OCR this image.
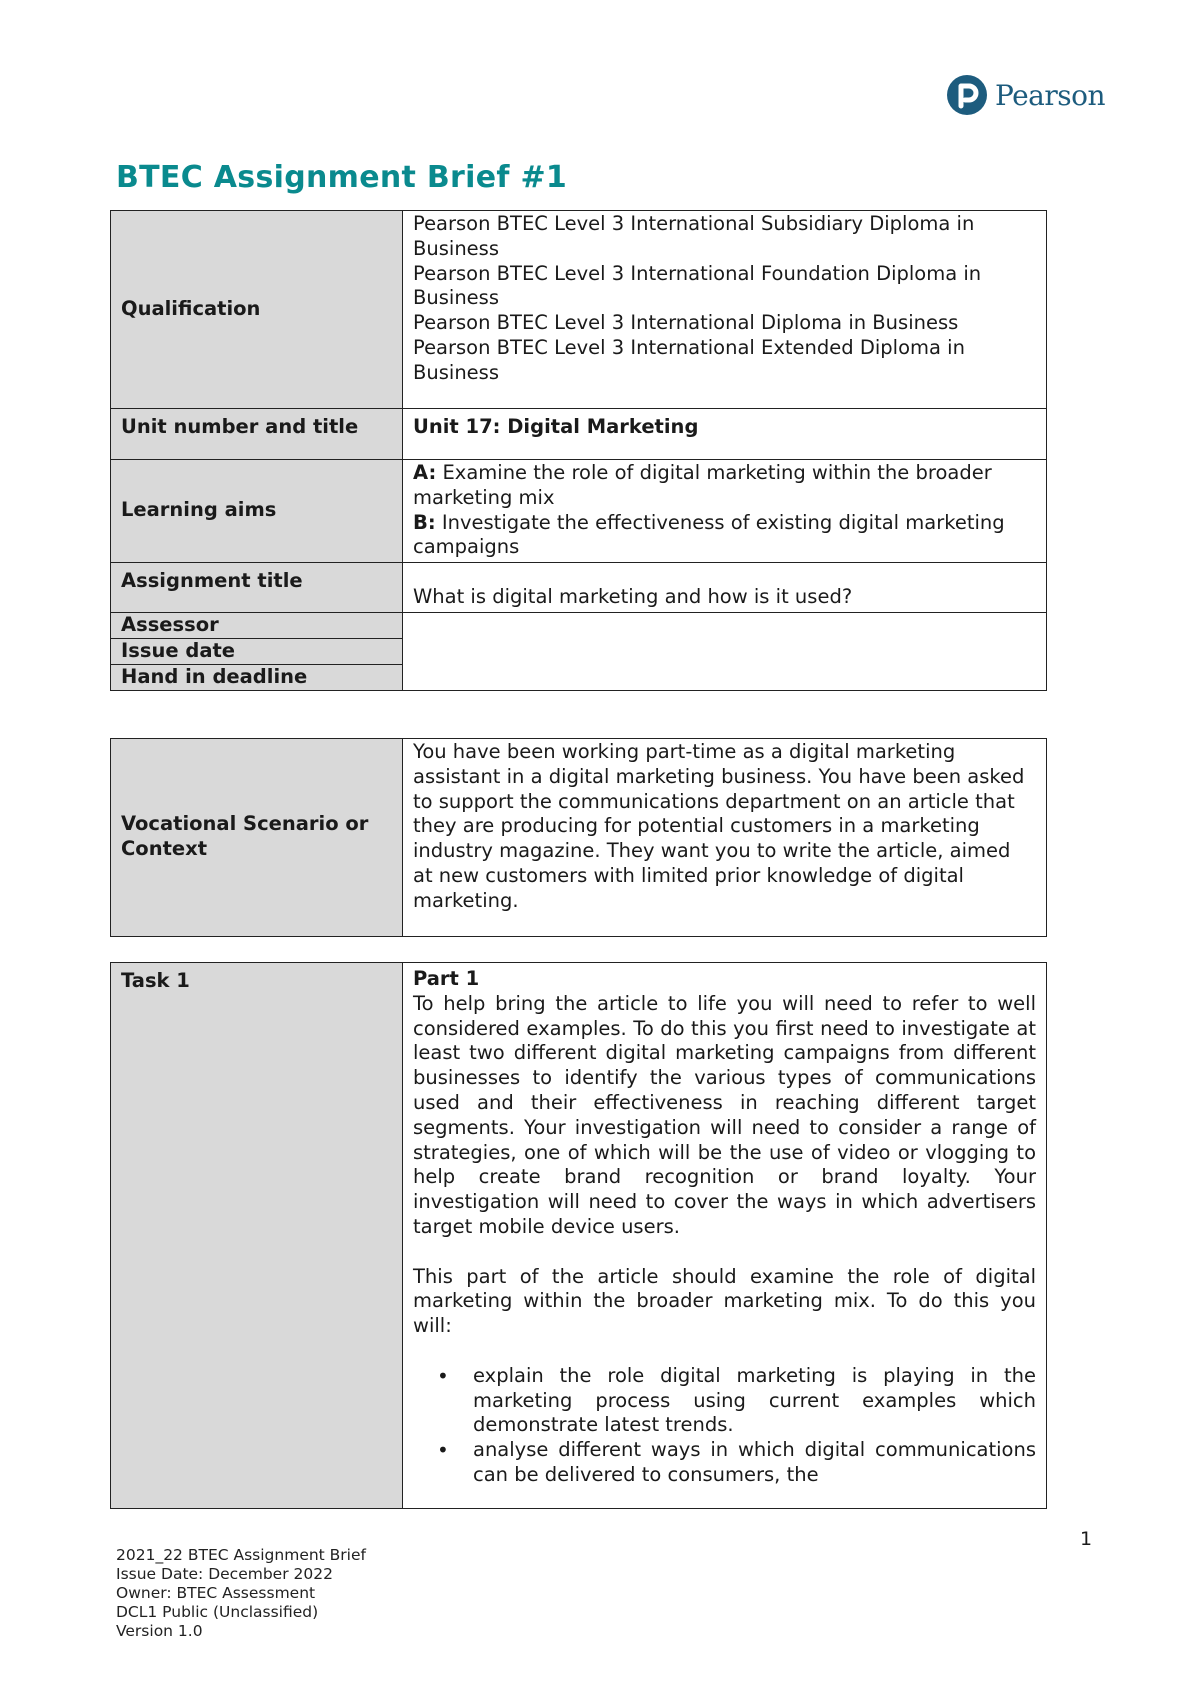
Pearson
BTEC Assignment Brief #1
Qualification	Pearson BTEC Level 3 International Subsidiary Diploma in Business
Pearson BTEC Level 3 International Foundation Diploma in Business
Pearson BTEC Level 3 International Diploma in Business
Pearson BTEC Level 3 International Extended Diploma in Business

Unit number and title	Unit 17: Digital Marketing
Learning aims	A: Examine the role of digital marketing within the broader marketing mix
B: Investigate the effectiveness of existing digital marketing campaigns

Assignment title	What is digital marketing and how is it used?
Assessor	
Issue date	
Hand in deadline	
Vocational Scenario or Context	You have been working part-time as a digital marketing assistant in a digital marketing business. You have been asked to support the communications department on an article that they are producing for potential customers in a marketing industry magazine. They want you to write the article, aimed at new customers with limited prior knowledge of digital marketing.
Task 1	Part 1
To help bring the article to life you will need to refer to well considered examples. To do this you first need to investigate at least two different digital marketing campaigns from different businesses to identify the various types of communications used and their effectiveness in reaching different target segments. Your investigation will need to consider a range of strategies, one of which will be the use of video or vlogging to help create brand recognition or brand loyalty. Your investigation will need to cover the ways in which advertisers target mobile device users.
This part of the article should examine the role of digital marketing within the broader marketing mix. To do this you will:
• explain the role digital marketing is playing in the marketing process using current examples which demonstrate latest trends.
• analyse different ways in which digital communications can be delivered to consumers, the
1
2021_22 BTEC Assignment Brief
Issue Date: December 2022
Owner: BTEC Assessment
DCL1 Public (Unclassified)
Version 1.0
